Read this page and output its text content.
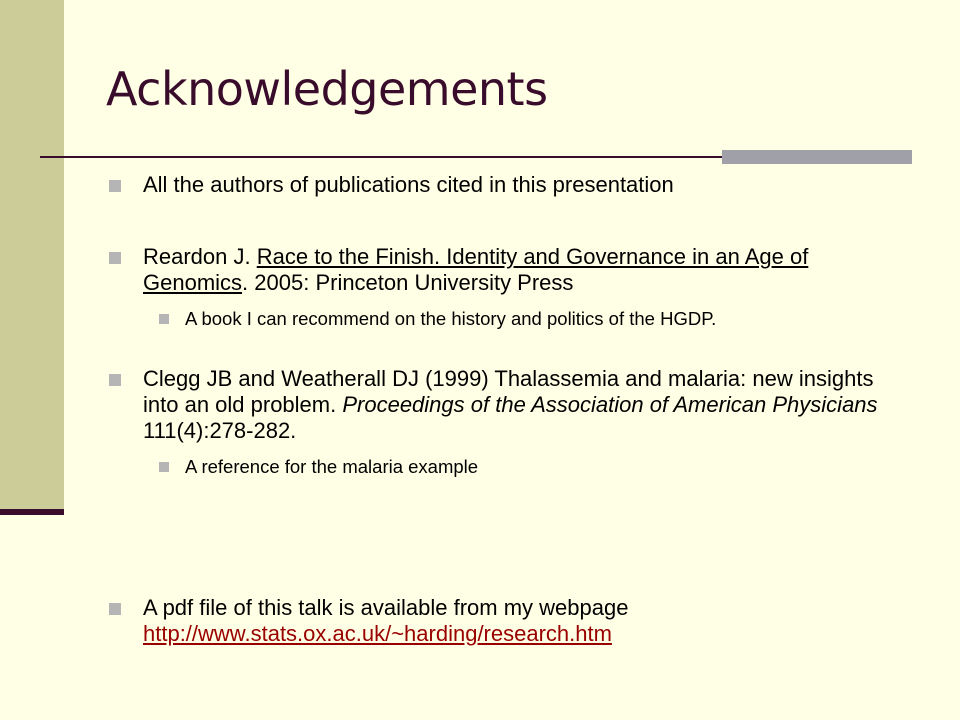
Acknowledgements
All the authors of publications cited in this presentation
Reardon J. Race to the Finish. Identity and Governance in an Age of Genomics. 2005: Princeton University Press
A book I can recommend on the history and politics of the HGDP.
Clegg JB and Weatherall DJ (1999) Thalassemia and malaria: new insights into an old problem. Proceedings of the Association of American Physicians 111(4):278-282.
A reference for the malaria example
A pdf file of this talk is available from my webpage http://www.stats.ox.ac.uk/~harding/research.htm
